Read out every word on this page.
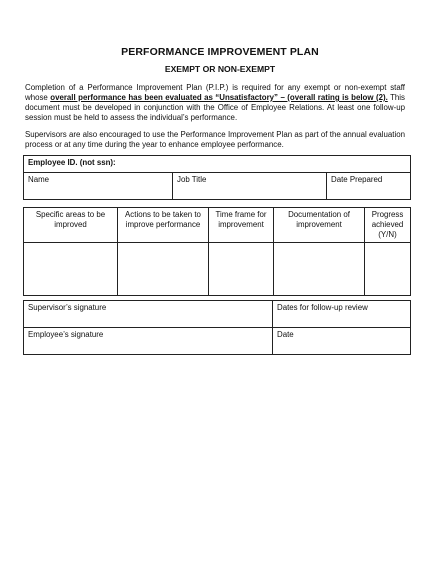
PERFORMANCE IMPROVEMENT PLAN
EXEMPT OR NON-EXEMPT
Completion of a Performance Improvement Plan (P.I.P.) is required for any exempt or non-exempt staff whose overall performance has been evaluated as “Unsatisfactory” – (overall rating is below (2). This document must be developed in conjunction with the Office of Employee Relations. At least one follow-up session must be held to assess the individual’s performance.
Supervisors are also encouraged to use the Performance Improvement Plan as part of the annual evaluation process or at any time during the year to enhance employee performance.
Employee ID. (not ssn):
Name	Job Title	Date Prepared
Specific areas to be improved	Actions to be taken to improve performance	Time frame for improvement	Documentation of improvement	Progress achieved (Y/N)

Supervisor’s signature	Dates for follow-up review
Employee’s signature	Date
